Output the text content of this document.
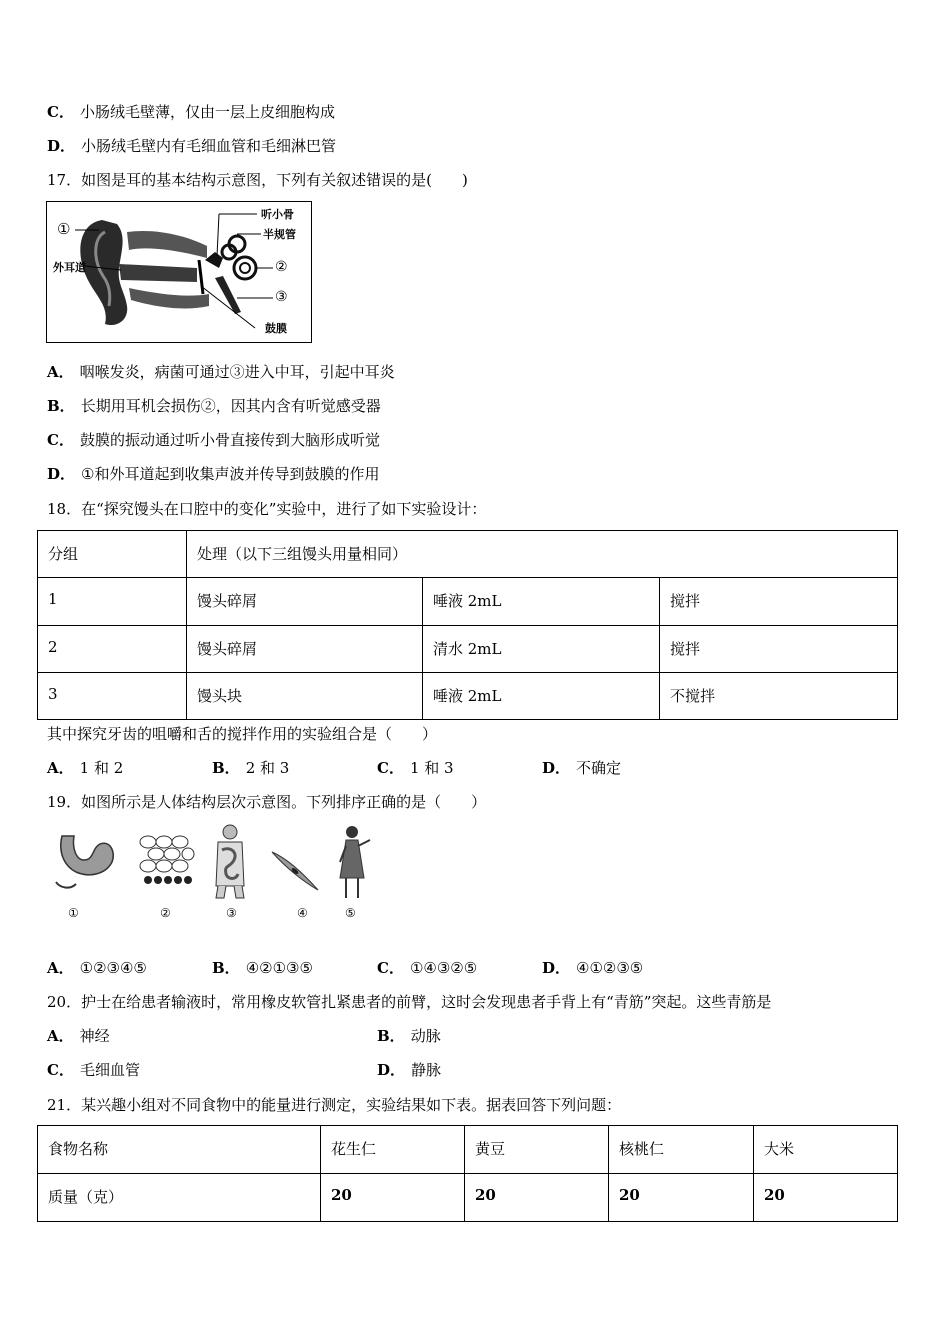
C． 小肠绒毛壁薄，仅由一层上皮细胞构成
D． 小肠绒毛壁内有毛细血管和毛细淋巴管
17．如图是耳的基本结构示意图，下列有关叙述错误的是(　　)
①
外耳道
听小骨
半规管
②
③
鼓膜
A． 咽喉发炎，病菌可通过③进入中耳，引起中耳炎
B． 长期用耳机会损伤②，因其内含有听觉感受器
C． 鼓膜的振动通过听小骨直接传到大脑形成听觉
D． ①和外耳道起到收集声波并传导到鼓膜的作用
18．在“探究馒头在口腔中的变化”实验中，进行了如下实验设计：
分组	处理（以下三组馒头用量相同）		
1	馒头碎屑	唾液 2mL	搅拌
2	馒头碎屑	清水 2mL	搅拌
3	馒头块	唾液 2mL	不搅拌
其中探究牙齿的咀嚼和舌的搅拌作用的实验组合是（　　）
A． 1 和 2	B． 2 和 3	C． 1 和 3	D． 不确定
19．如图所示是人体结构层次示意图。下列排序正确的是（　　）
①	②	③	④	⑤
A． ①②③④⑤	B． ④②①③⑤	C． ①④③②⑤	D． ④①②③⑤
20．护士在给患者输液时，常用橡皮软管扎紧患者的前臂，这时会发现患者手背上有“青筋”突起。这些青筋是
A． 神经	B． 动脉
C． 毛细血管	D． 静脉
21．某兴趣小组对不同食物中的能量进行测定，实验结果如下表。据表回答下列问题：
食物名称	花生仁	黄豆	核桃仁	大米
质量（克）	20	20	20	20
